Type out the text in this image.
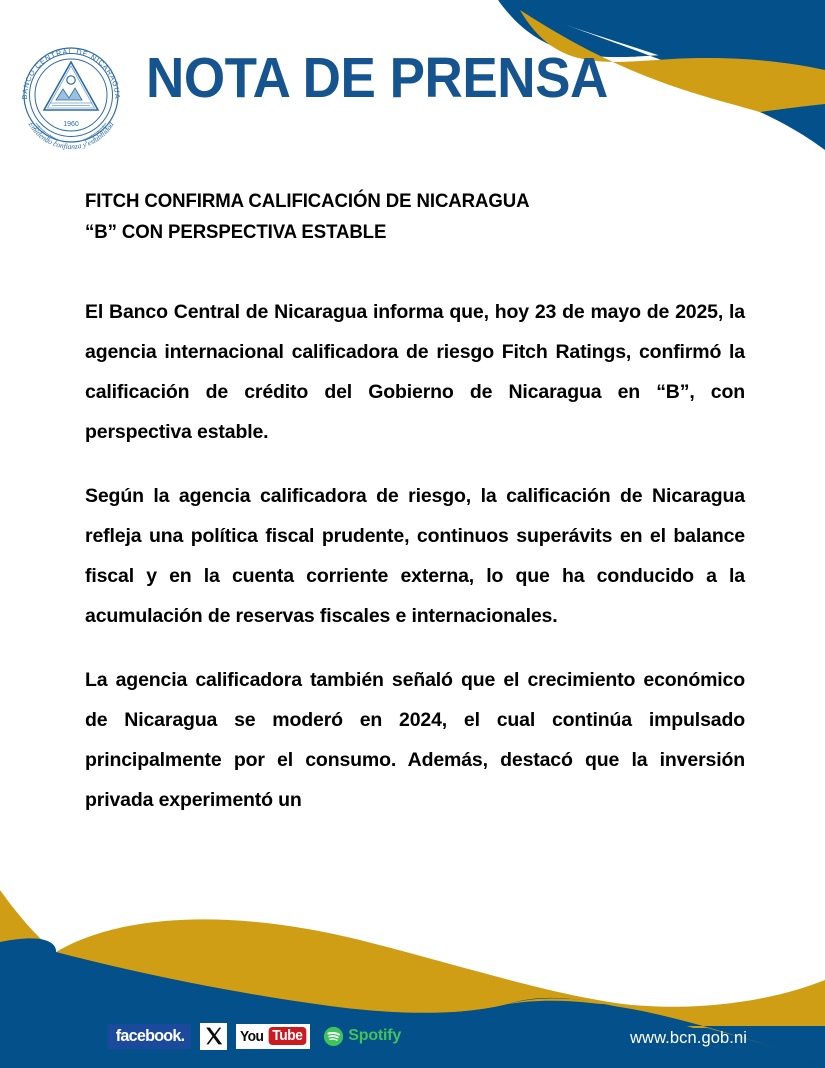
BANCO CENTRAL DE NICARAGUA
Emitiendo confianza y estabilidad
1960
NOTA DE PRENSA
FITCH CONFIRMA CALIFICACIÓN DE NICARAGUA
“B” CON PERSPECTIVA ESTABLE

El Banco Central de Nicaragua informa que, hoy 23 de mayo de 2025, la agencia internacional calificadora de riesgo Fitch Ratings, confirmó la calificación de crédito del Gobierno de Nicaragua en “B”, con perspectiva estable.

Según la agencia calificadora de riesgo, la calificación de Nicaragua refleja una política fiscal prudente, continuos superávits en el balance fiscal y en la cuenta corriente externa, lo que ha conducido a la acumulación de reservas fiscales e internacionales.

La agencia calificadora también señaló que el crecimiento económico de Nicaragua se moderó en 2024, el cual continúa impulsado principalmente por el consumo. Además, destacó que la inversión privada experimentó un

facebook.	You Tube	Spotify	www.bcn.gob.ni
